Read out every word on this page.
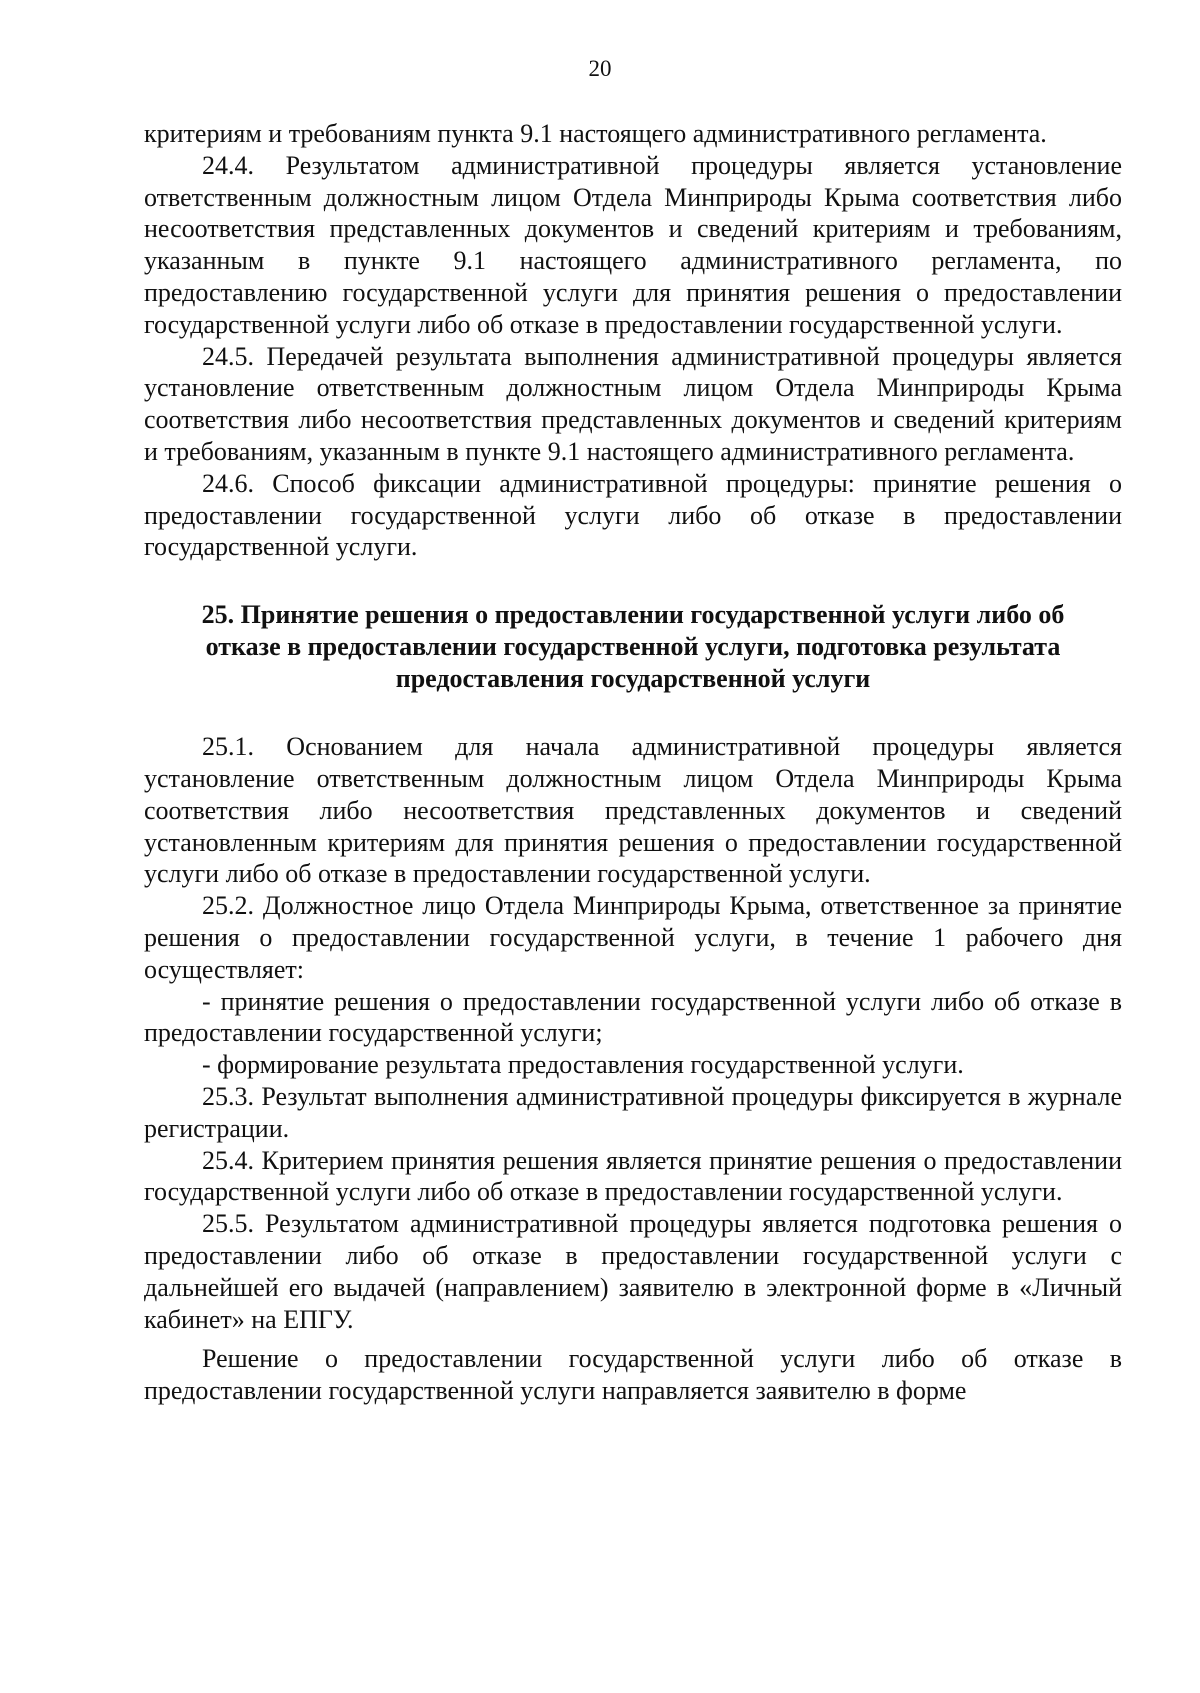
20

критериям и требованиям пункта 9.1 настоящего административного регламента.

24.4. Результатом административной процедуры является установление ответственным должностным лицом Отдела Минприроды Крыма соответствия либо несоответствия представленных документов и сведений критериям и требованиям, указанным в пункте 9.1 настоящего административного регламента, по предоставлению государственной услуги для принятия решения о предоставлении государственной услуги либо об отказе в предоставлении государственной услуги.

24.5. Передачей результата выполнения административной процедуры является установление ответственным должностным лицом Отдела Минприроды Крыма соответствия либо несоответствия представленных документов и сведений критериям и требованиям, указанным в пункте 9.1 настоящего административного регламента.

24.6. Способ фиксации административной процедуры: принятие решения о предоставлении государственной услуги либо об отказе в предоставлении государственной услуги.

25. Принятие решения о предоставлении государственной услуги либо об
отказе в предоставлении государственной услуги, подготовка результата
предоставления государственной услуги

25.1. Основанием для начала административной процедуры является установление ответственным должностным лицом Отдела Минприроды Крыма соответствия либо несоответствия представленных документов и сведений установленным критериям для принятия решения о предоставлении государственной услуги либо об отказе в предоставлении государственной услуги.

25.2. Должностное лицо Отдела Минприроды Крыма, ответственное за принятие решения о предоставлении государственной услуги, в течение 1 рабочего дня осуществляет:

- принятие решения о предоставлении государственной услуги либо об отказе в предоставлении государственной услуги;

- формирование результата предоставления государственной услуги.

25.3. Результат выполнения административной процедуры фиксируется в журнале регистрации.

25.4. Критерием принятия решения является принятие решения о предоставлении государственной услуги либо об отказе в предоставлении государственной услуги.

25.5. Результатом административной процедуры является подготовка решения о предоставлении либо об отказе в предоставлении государственной услуги с дальнейшей его выдачей (направлением) заявителю в электронной форме в «Личный кабинет» на ЕПГУ.

Решение о предоставлении государственной услуги либо об отказе в предоставлении государственной услуги направляется заявителю в форме
